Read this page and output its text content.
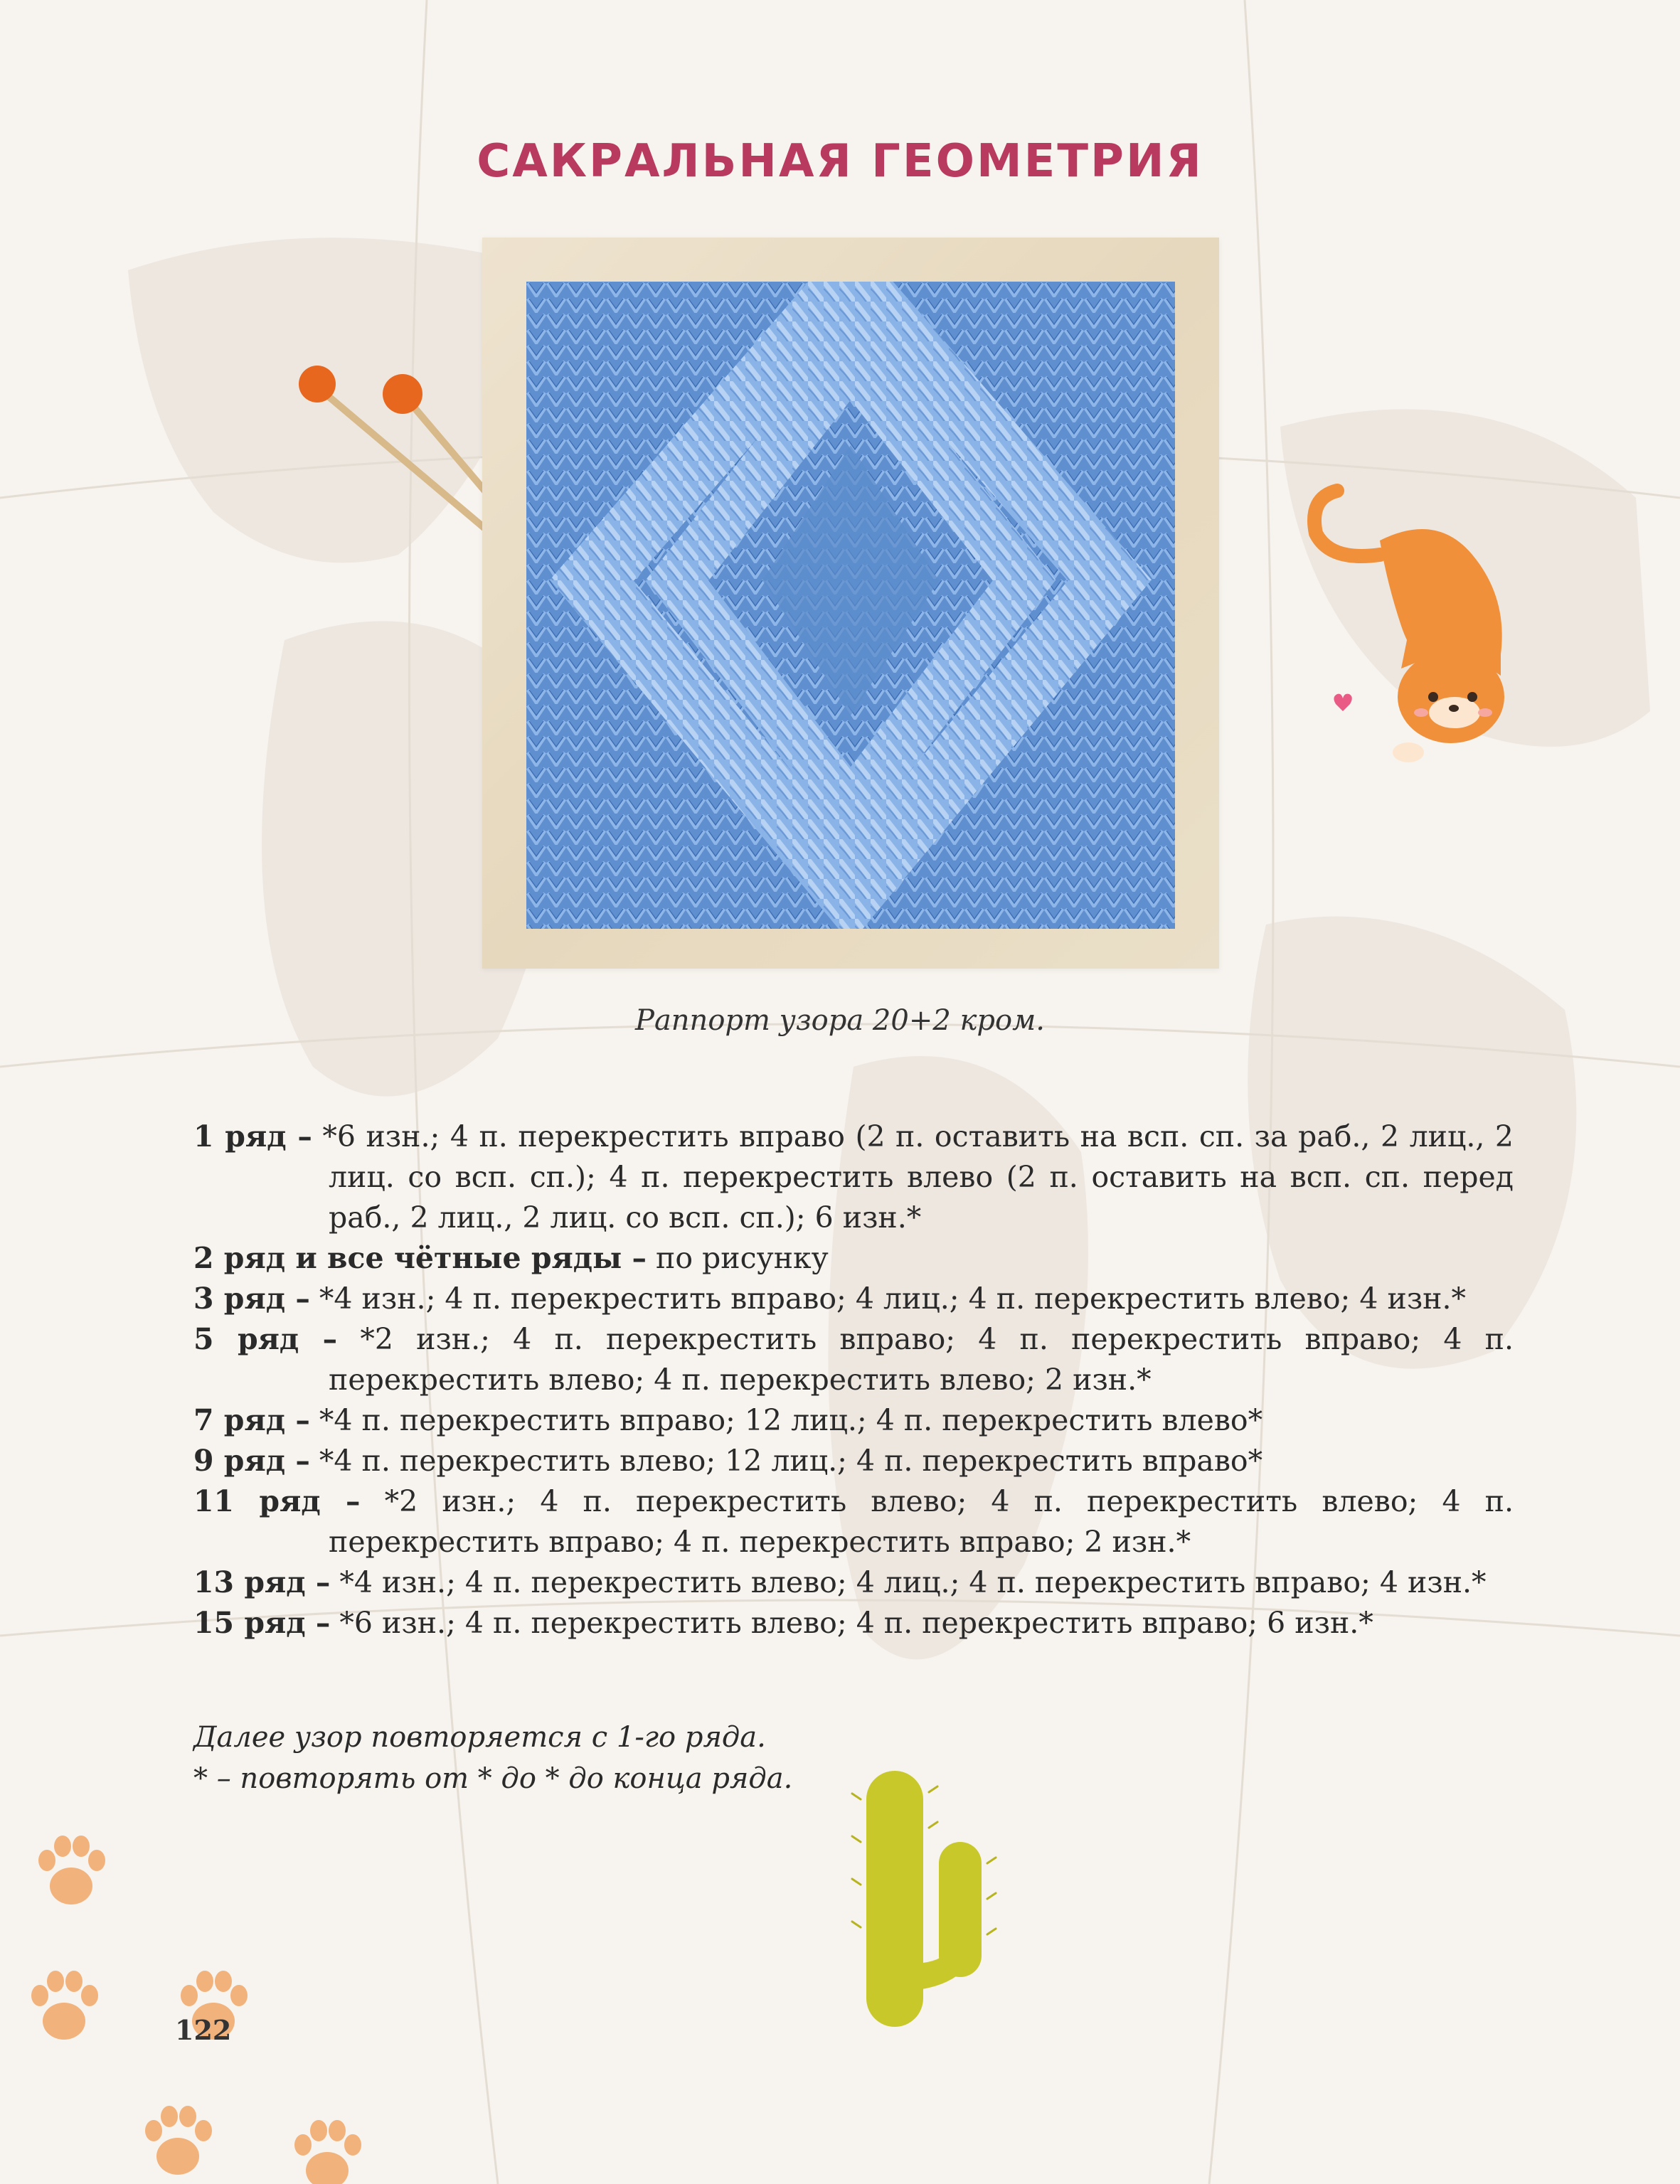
САКРАЛЬНАЯ ГЕОМЕТРИЯ
Раппорт узора 20+2 кром.
1 ряд – *6 изн.; 4 п. перекрестить вправо (2 п. оставить на всп. сп. за раб., 2 лиц., 2 лиц. со всп. сп.); 4 п. перекрестить влево (2 п. оставить на всп. сп. перед раб., 2 лиц., 2 лиц. со всп. сп.); 6 изн.*
2 ряд и все чётные ряды – по рисунку
3 ряд – *4 изн.; 4 п. перекрестить вправо; 4 лиц.; 4 п. перекрестить влево; 4 изн.*
5 ряд – *2 изн.; 4 п. перекрестить вправо; 4 п. перекрестить вправо; 4 п. перекрестить влево; 4 п. перекрестить влево; 2 изн.*
7 ряд – *4 п. перекрестить вправо; 12 лиц.; 4 п. перекрестить влево*
9 ряд – *4 п. перекрестить влево; 12 лиц.; 4 п. перекрестить вправо*
11 ряд – *2 изн.; 4 п. перекрестить влево; 4 п. перекрестить влево; 4 п. перекрестить вправо; 4 п. перекрестить вправо; 2 изн.*
13 ряд – *4 изн.; 4 п. перекрестить влево; 4 лиц.; 4 п. перекрестить вправо; 4 изн.*
15 ряд – *6 изн.; 4 п. перекрестить влево; 4 п. перекрестить вправо; 6 изн.*
Далее узор повторяется с 1-го ряда.
* – повторять от * до * до конца ряда.
122
